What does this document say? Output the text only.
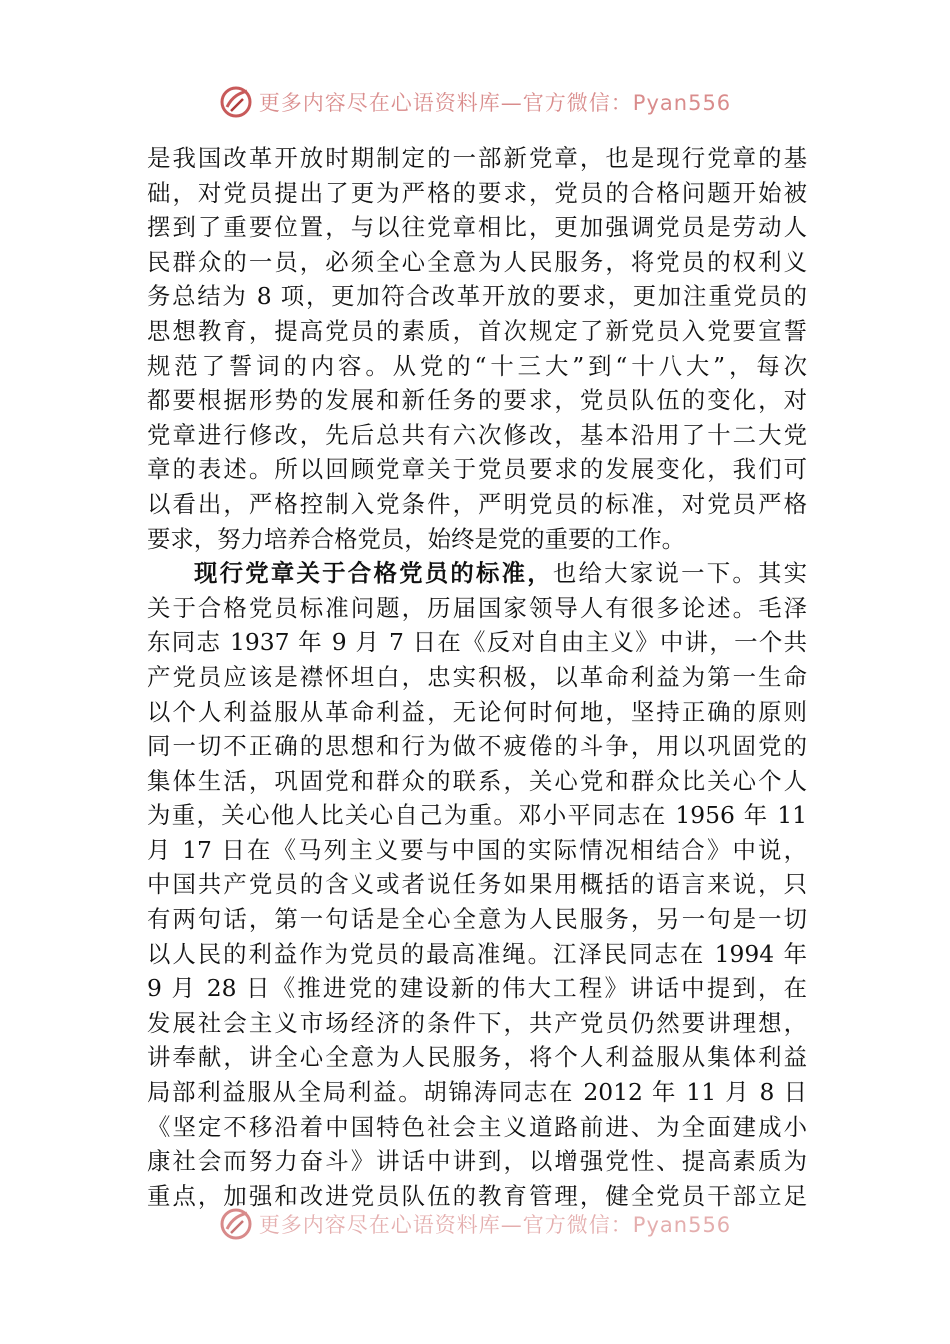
更多内容尽在心语资料库—官方微信：Pyan556
是我国改革开放时期制定的一部新党章，也是现行党章的基
础，对党员提出了更为严格的要求，党员的合格问题开始被
摆到了重要位置，与以往党章相比，更加强调党员是劳动人
民群众的一员，必须全心全意为人民服务，将党员的权利义
务总结为 8 项，更加符合改革开放的要求，更加注重党员的
思想教育，提高党员的素质，首次规定了新党员入党要宣誓
规范了誓词的内容。从党的“十三大”到“十八大”，每次
都要根据形势的发展和新任务的要求，党员队伍的变化，对
党章进行修改，先后总共有六次修改，基本沿用了十二大党
章的表述。所以回顾党章关于党员要求的发展变化，我们可
以看出，严格控制入党条件，严明党员的标准，对党员严格
要求，努力培养合格党员，始终是党的重要的工作。
现行党章关于合格党员的标准，也给大家说一下。其实
关于合格党员标准问题，历届国家领导人有很多论述。毛泽
东同志 1937 年 9 月 7 日在《反对自由主义》中讲，一个共
产党员应该是襟怀坦白，忠实积极，以革命利益为第一生命
以个人利益服从革命利益，无论何时何地，坚持正确的原则
同一切不正确的思想和行为做不疲倦的斗争，用以巩固党的
集体生活，巩固党和群众的联系，关心党和群众比关心个人
为重，关心他人比关心自己为重。邓小平同志在 1956 年 11
月 17 日在《马列主义要与中国的实际情况相结合》中说，
中国共产党员的含义或者说任务如果用概括的语言来说，只
有两句话，第一句话是全心全意为人民服务，另一句是一切
以人民的利益作为党员的最高准绳。江泽民同志在 1994 年
9 月 28 日《推进党的建设新的伟大工程》讲话中提到，在
发展社会主义市场经济的条件下，共产党员仍然要讲理想，
讲奉献，讲全心全意为人民服务，将个人利益服从集体利益
局部利益服从全局利益。胡锦涛同志在 2012 年 11 月 8 日
《坚定不移沿着中国特色社会主义道路前进、为全面建成小
康社会而努力奋斗》讲话中讲到，以增强党性、提高素质为
重点，加强和改进党员队伍的教育管理，健全党员干部立足
更多内容尽在心语资料库—官方微信：Pyan556
